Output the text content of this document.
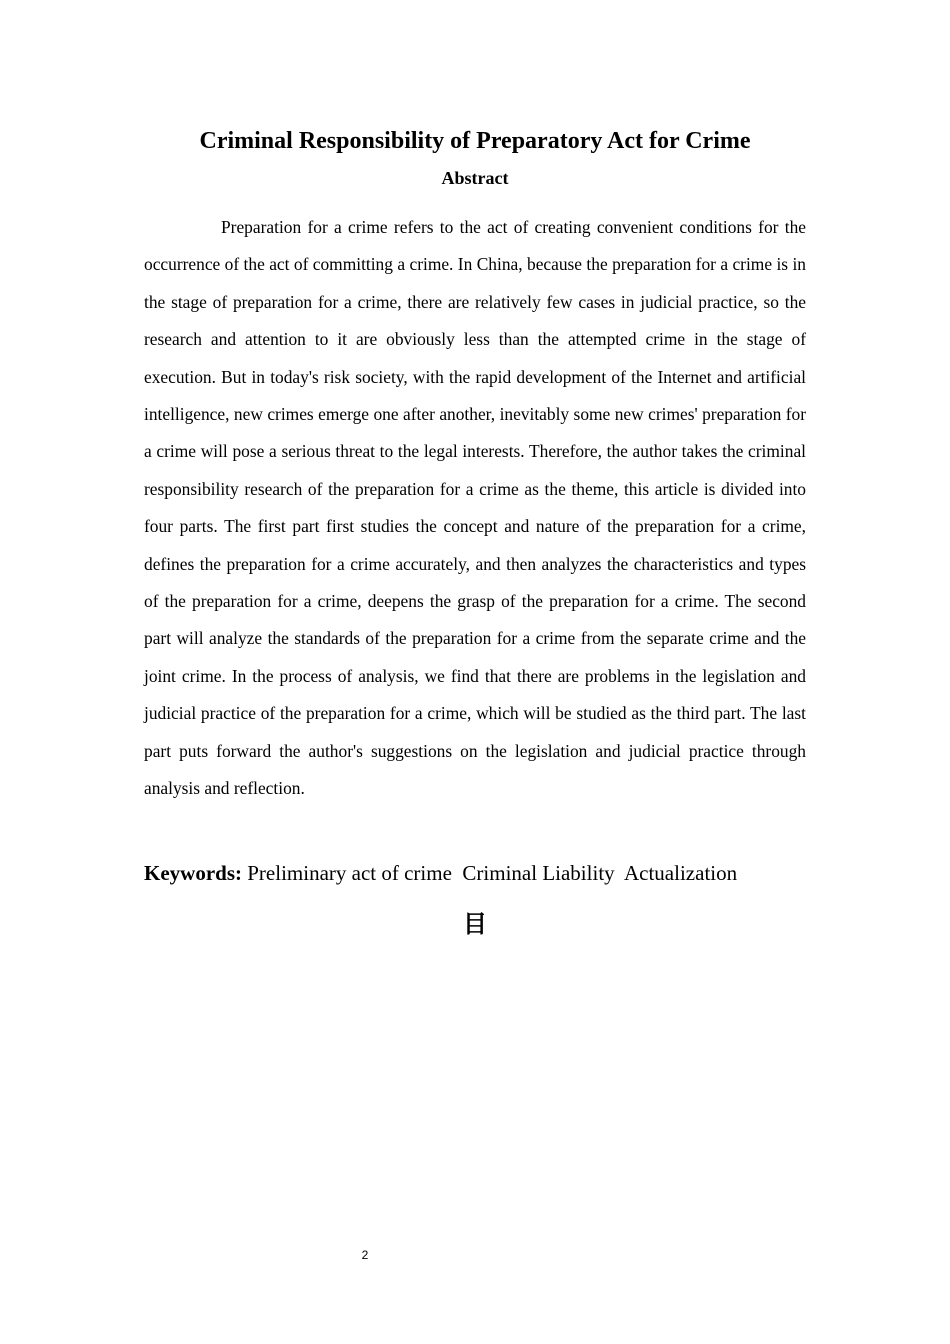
Criminal Responsibility of Preparatory Act for Crime
Abstract

Preparation for a crime refers to the act of creating convenient conditions for the occurrence of the act of committing a crime. In China, because the preparation for a crime is in the stage of preparation for a crime, there are relatively few cases in judicial practice, so the research and attention to it are obviously less than the attempted crime in the stage of execution. But in today's risk society, with the rapid development of the Internet and artificial intelligence, new crimes emerge one after another, inevitably some new crimes' preparation for a crime will pose a serious threat to the legal interests. Therefore, the author takes the criminal responsibility research of the preparation for a crime as the theme, this article is divided into four parts. The first part first studies the concept and nature of the preparation for a crime, defines the preparation for a crime accurately, and then analyzes the characteristics and types of the preparation for a crime, deepens the grasp of the preparation for a crime. The second part will analyze the standards of the preparation for a crime from the separate crime and the joint crime. In the process of analysis, we find that there are problems in the legislation and judicial practice of the preparation for a crime, which will be studied as the third part. The last part puts forward the author's suggestions on the legislation and judicial practice through analysis and reflection.

Keywords: Preliminary act of crime  Criminal Liability  Actualization
目
2
